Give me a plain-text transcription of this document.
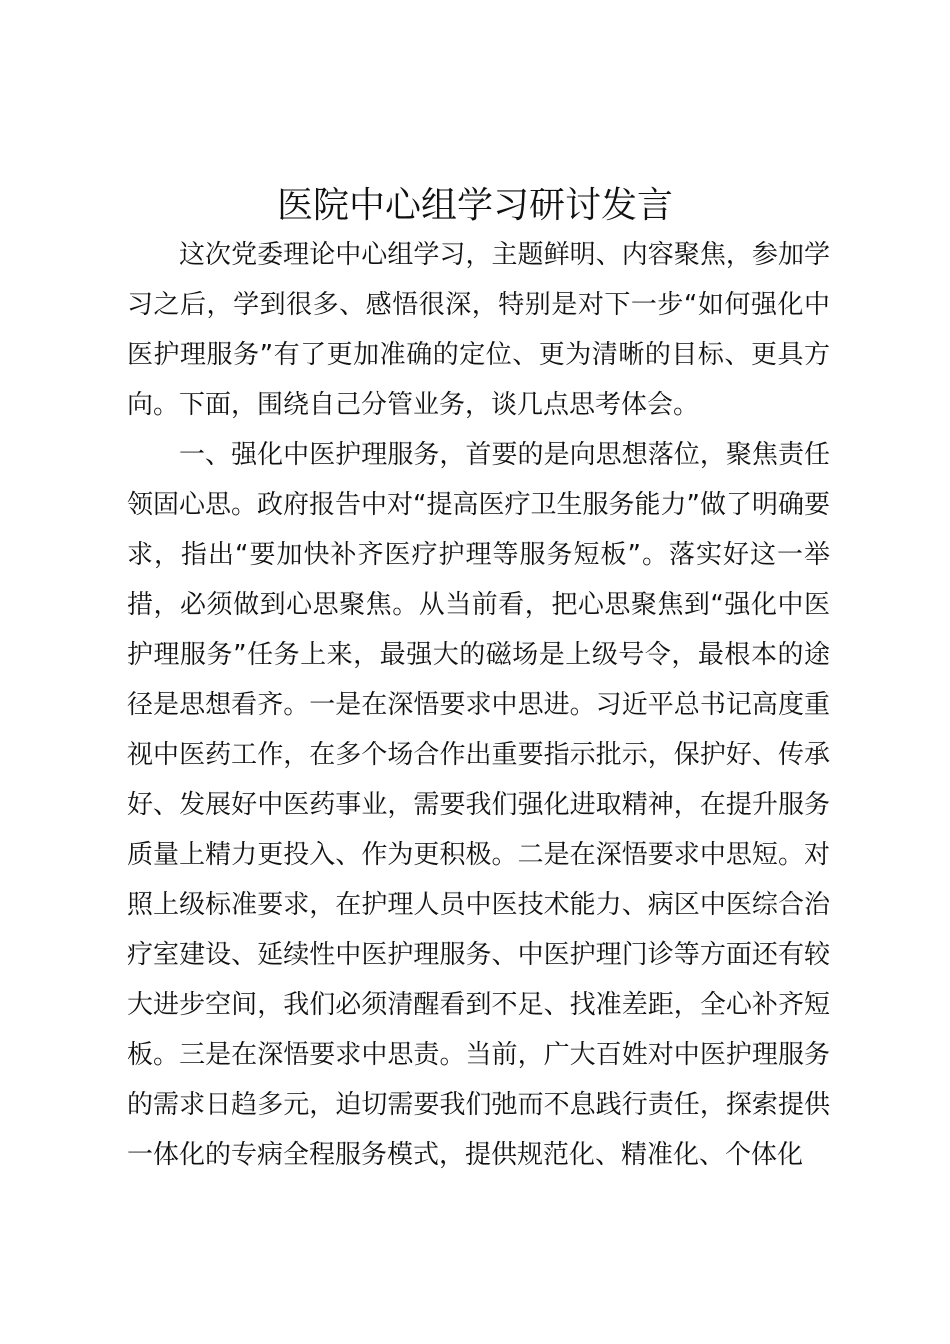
医院中心组学习研讨发言

这次党委理论中心组学习，主题鲜明、内容聚焦，参加学习之后，学到很多、感悟很深，特别是对下一步“如何强化中医护理服务”有了更加准确的定位、更为清晰的目标、更具方向。下面，围绕自己分管业务，谈几点思考体会。

一、强化中医护理服务，首要的是向思想落位，聚焦责任领固心思。政府报告中对“提高医疗卫生服务能力”做了明确要求，指出“要加快补齐医疗护理等服务短板”。落实好这一举措，必须做到心思聚焦。从当前看，把心思聚焦到“强化中医护理服务”任务上来，最强大的磁场是上级号令，最根本的途径是思想看齐。一是在深悟要求中思进。习近平总书记高度重视中医药工作，在多个场合作出重要指示批示，保护好、传承好、发展好中医药事业，需要我们强化进取精神，在提升服务质量上精力更投入、作为更积极。二是在深悟要求中思短。对照上级标准要求，在护理人员中医技术能力、病区中医综合治疗室建设、延续性中医护理服务、中医护理门诊等方面还有较大进步空间，我们必须清醒看到不足、找准差距，全心补齐短板。三是在深悟要求中思责。当前，广大百姓对中医护理服务的需求日趋多元，迫切需要我们弛而不息践行责任，探索提供一体化的专病全程服务模式，提供规范化、精准化、个体化
